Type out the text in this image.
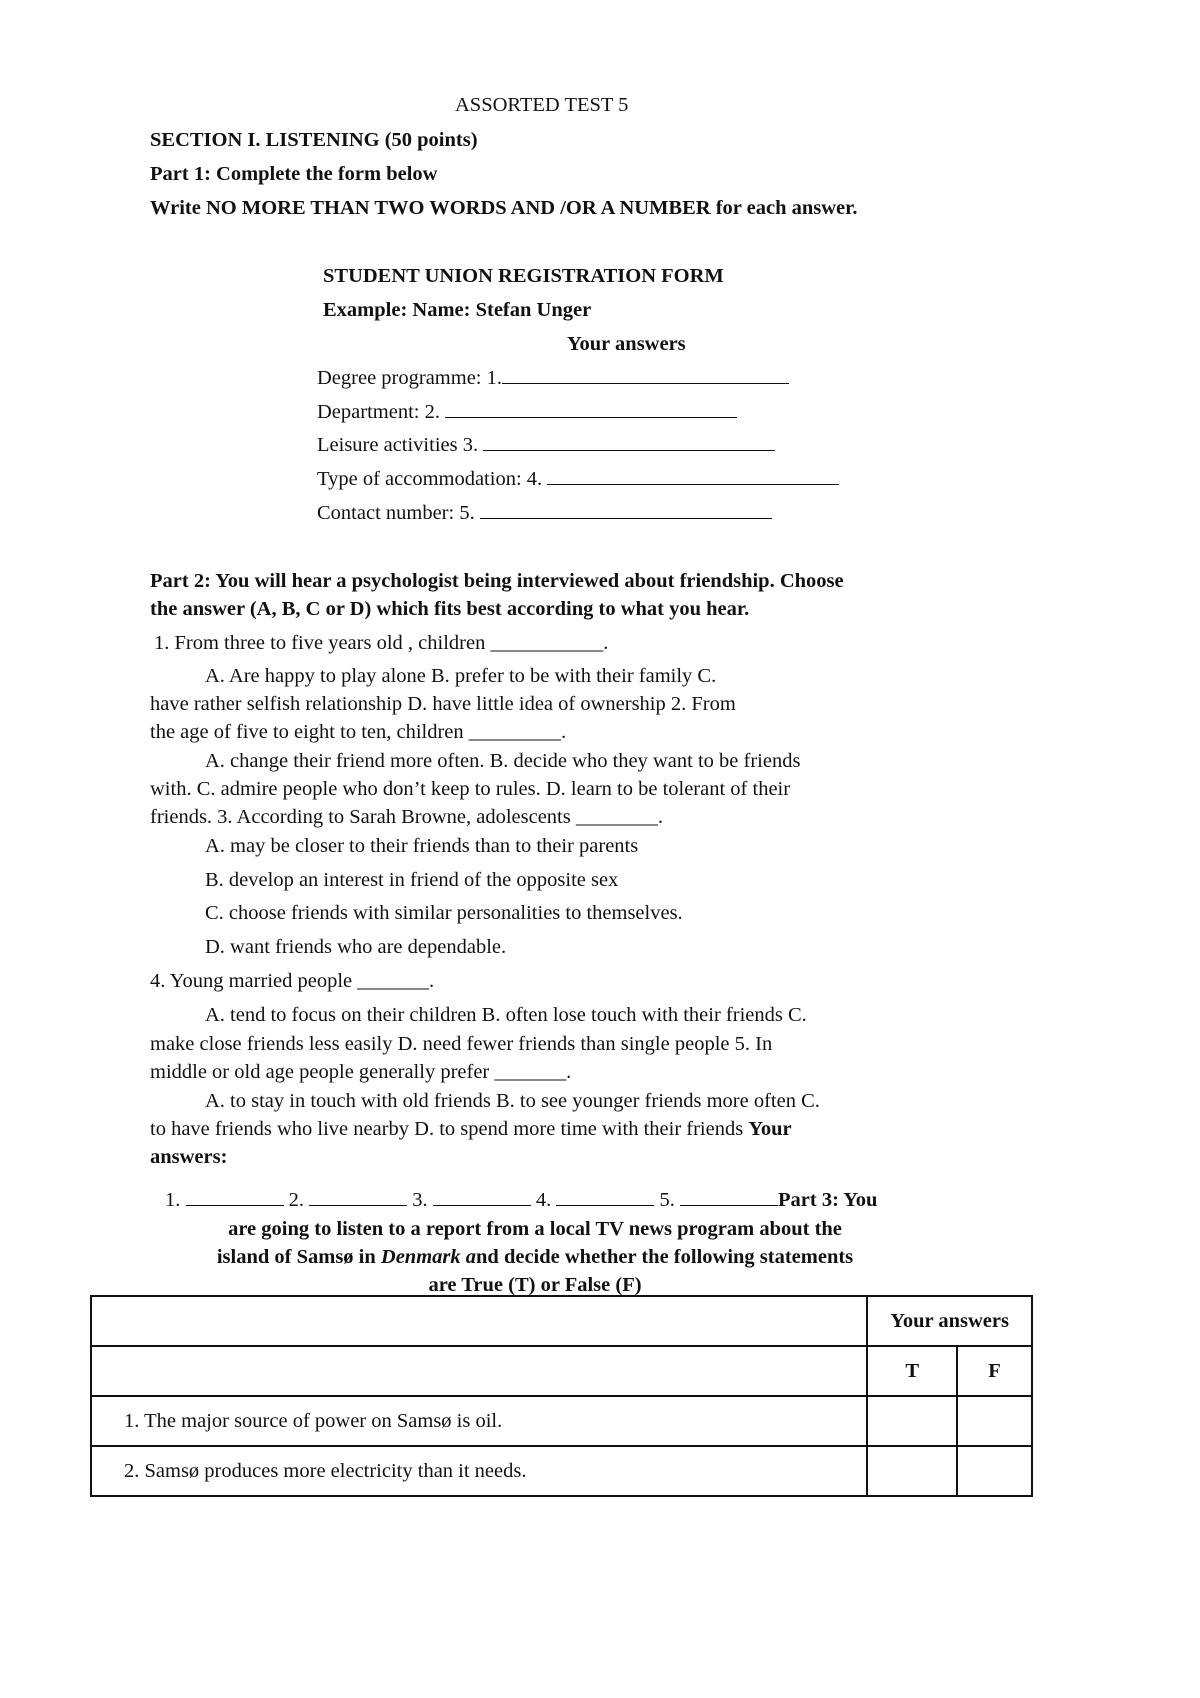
ASSORTED TEST 5
SECTION I. LISTENING (50 points)
Part 1: Complete the form below
Write NO MORE THAN TWO WORDS AND /OR A NUMBER for each answer.
STUDENT UNION REGISTRATION FORM
Example: Name: Stefan Unger
Your answers
Degree programme: 1.
Department: 2.
Leisure activities 3.
Type of accommodation: 4.
Contact number: 5.
Part 2: You will hear a psychologist being interviewed about friendship. Choose
the answer (A, B, C or D) which fits best according to what you hear.
1. From three to five years old , children ___________.
A. Are happy to play alone B. prefer to be with their family C.
have rather selfish relationship D. have little idea of ownership 2. From
the age of five to eight to ten, children _________.
A. change their friend more often. B. decide who they want to be friends
with. C. admire people who don’t keep to rules. D. learn to be tolerant of their
friends. 3. According to Sarah Browne, adolescents ________.
A. may be closer to their friends than to their parents
B. develop an interest in friend of the opposite sex
C. choose friends with similar personalities to themselves.
D. want friends who are dependable.
4. Young married people _______.
A. tend to focus on their children B. often lose touch with their friends C.
make close friends less easily D. need fewer friends than single people 5. In
middle or old age people generally prefer _______.
A. to stay in touch with old friends B. to see younger friends more often C.
to have friends who live nearby D. to spend more time with their friends Your
answers:
1.	2.	3.	4.	5.	Part 3: You
are going to listen to a report from a local TV news program about the
island of Samsø in Denmark and decide whether the following statements
are True (T) or False (F)
	Your answers	
	T	F
1. The major source of power on Samsø is oil.		
2. Samsø produces more electricity than it needs.		
